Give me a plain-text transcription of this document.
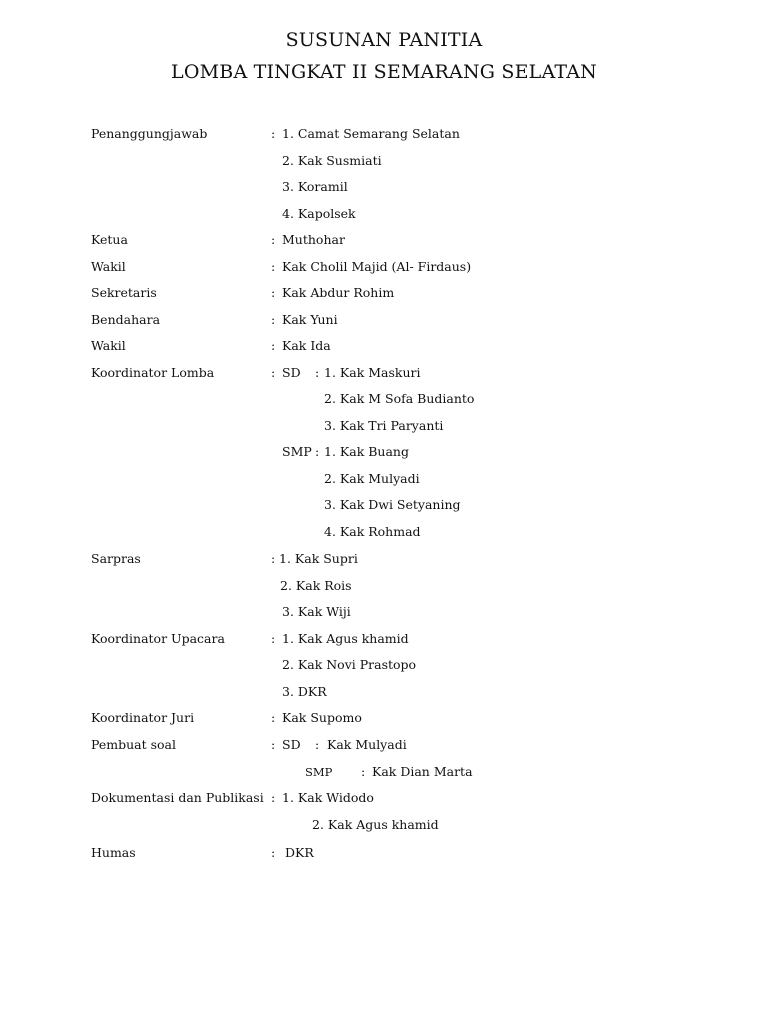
SUSUNAN PANITIA
LOMBA TINGKAT II SEMARANG SELATAN
Penanggungjawab	: 1. Camat Semarang Selatan
2. Kak Susmiati
3. Koramil
4. Kapolsek
Ketua	: Muthohar
Wakil	: Kak Cholil Majid (Al- Firdaus)
Sekretaris	: Kak Abdur Rohim
Bendahara	: Kak Yuni
Wakil	: Kak Ida
Koordinator Lomba	: SD : 1. Kak Maskuri
2. Kak M Sofa Budianto
3. Kak Tri Paryanti
SMP : 1. Kak Buang
2. Kak Mulyadi
3. Kak Dwi Setyaning
4. Kak Rohmad
Sarpras	: 1. Kak Supri
2. Kak Rois
3. Kak Wiji
Koordinator Upacara	: 1. Kak Agus khamid
2. Kak Novi Prastopo
3. DKR
Koordinator Juri	: Kak Supomo
Pembuat soal	: SD : Kak Mulyadi
SMP : Kak Dian Marta
Dokumentasi dan Publikasi : 1. Kak Widodo
2. Kak Agus khamid
Humas	: DKR
